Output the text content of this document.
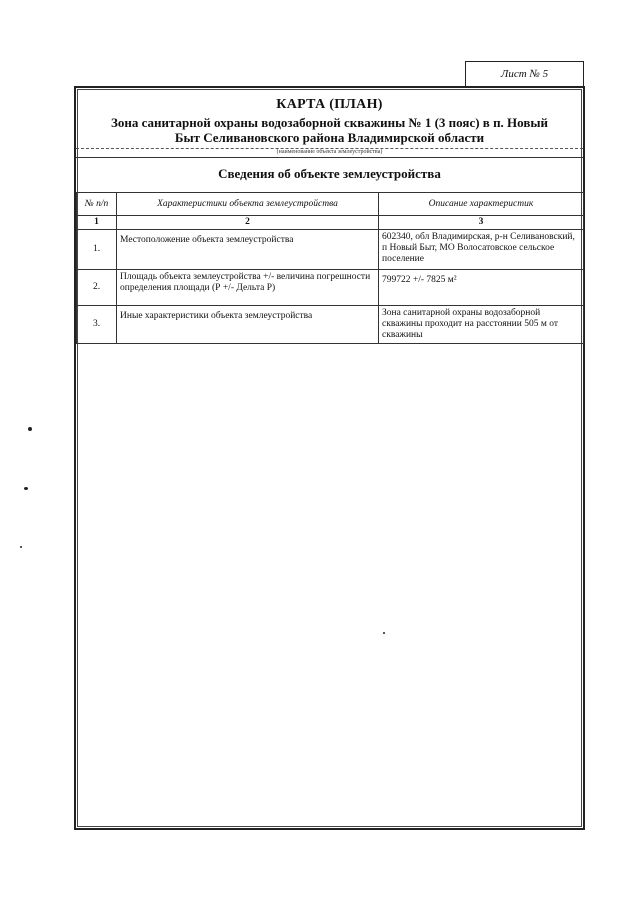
Лист № 5
КАРТА (ПЛАН)
Зона санитарной охраны водозаборной скважины № 1 (3 пояс) в п. Новый
Быт Селивановского района Владимирской области
(наименование объекта землеустройства)
Сведения об объекте землеустройства
№ п/п	Характеристики объекта землеустройства	Описание характеристик
1	2	3
1.	Местоположение объекта землеустройства	602340, обл Владимирская, р-н Селивановский, п Новый Быт, МО Волосатовское сельское поселение
2.	Площадь объекта землеустройства +/- величина погрешности определения площади (Р +/- Дельта Р)	799722 +/- 7825 м²
3.	Иные характеристики объекта землеустройства	Зона санитарной охраны водозаборной скважины проходит на расстоянии 505 м от скважины
